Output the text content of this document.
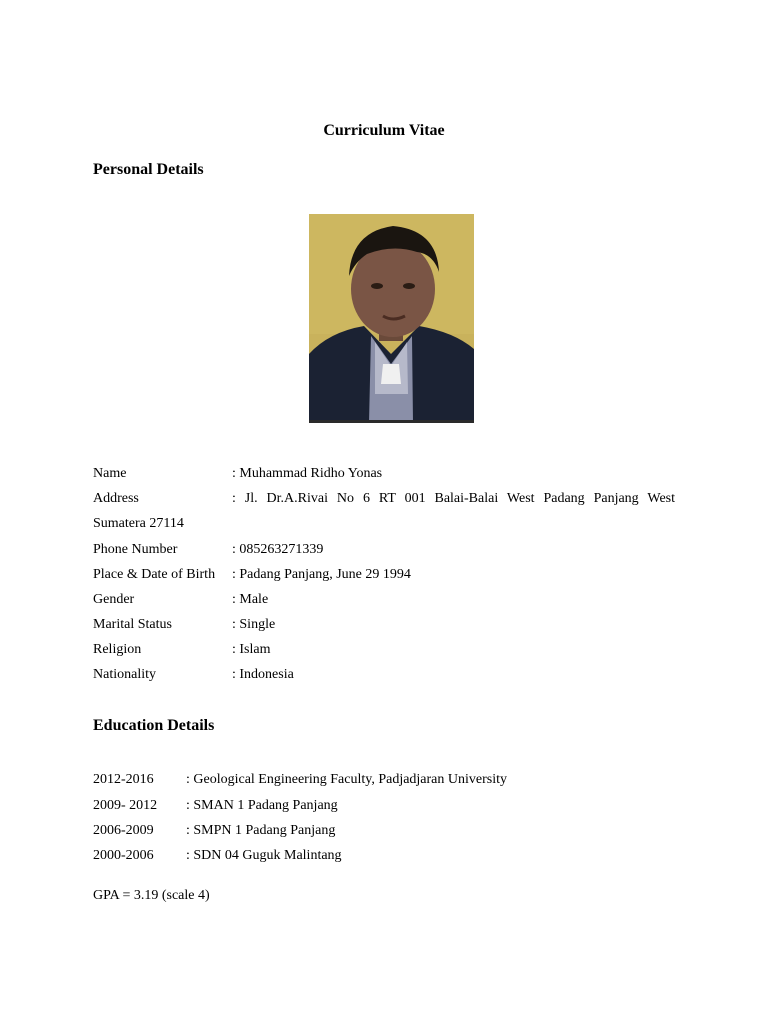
Curriculum Vitae
Personal Details
Name	: Muhammad Ridho Yonas
Address	: Jl. Dr.A.Rivai No 6 RT 001 Balai-Balai West Padang Panjang West
Sumatera 27114
Phone Number	: 085263271339
Place & Date of Birth : Padang Panjang, June 29 1994
Gender	: Male
Marital Status	: Single
Religion	: Islam
Nationality	: Indonesia
Education Details
2012-2016 : Geological Engineering Faculty, Padjadjaran University
2009- 2012 : SMAN 1 Padang Panjang
2006-2009 : SMPN 1 Padang Panjang
2000-2006 : SDN 04 Guguk Malintang
GPA = 3.19 (scale 4)
